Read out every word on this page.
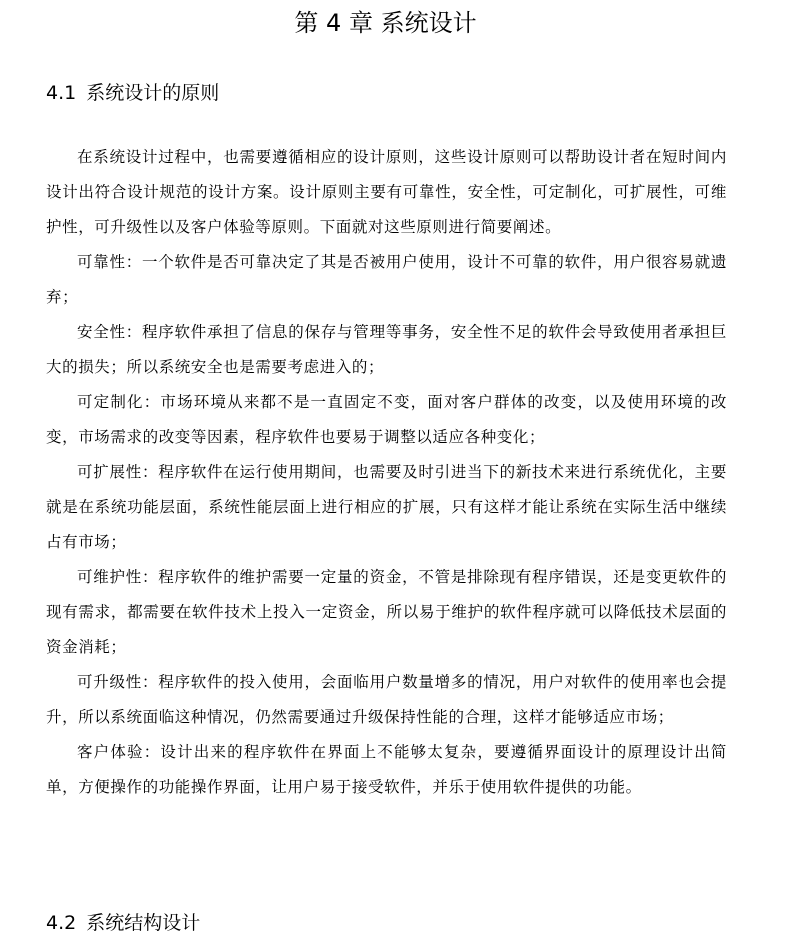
第 4 章 系统设计
4.1 系统设计的原则

在系统设计过程中，也需要遵循相应的设计原则，这些设计原则可以帮助设计者在短时间内设计出符合设计规范的设计方案。设计原则主要有可靠性，安全性，可定制化，可扩展性，可维护性，可升级性以及客户体验等原则。下面就对这些原则进行简要阐述。

可靠性：一个软件是否可靠决定了其是否被用户使用，设计不可靠的软件，用户很容易就遗弃；

安全性：程序软件承担了信息的保存与管理等事务，安全性不足的软件会导致使用者承担巨大的损失；所以系统安全也是需要考虑进入的；

可定制化：市场环境从来都不是一直固定不变，面对客户群体的改变，以及使用环境的改变，市场需求的改变等因素，程序软件也要易于调整以适应各种变化；

可扩展性：程序软件在运行使用期间，也需要及时引进当下的新技术来进行系统优化，主要就是在系统功能层面，系统性能层面上进行相应的扩展，只有这样才能让系统在实际生活中继续占有市场；

可维护性：程序软件的维护需要一定量的资金，不管是排除现有程序错误，还是变更软件的现有需求，都需要在软件技术上投入一定资金，所以易于维护的软件程序就可以降低技术层面的资金消耗；

可升级性：程序软件的投入使用，会面临用户数量增多的情况，用户对软件的使用率也会提升，所以系统面临这种情况，仍然需要通过升级保持性能的合理，这样才能够适应市场；

客户体验：设计出来的程序软件在界面上不能够太复杂，要遵循界面设计的原理设计出简单，方便操作的功能操作界面，让用户易于接受软件，并乐于使用软件提供的功能。

4.2 系统结构设计
